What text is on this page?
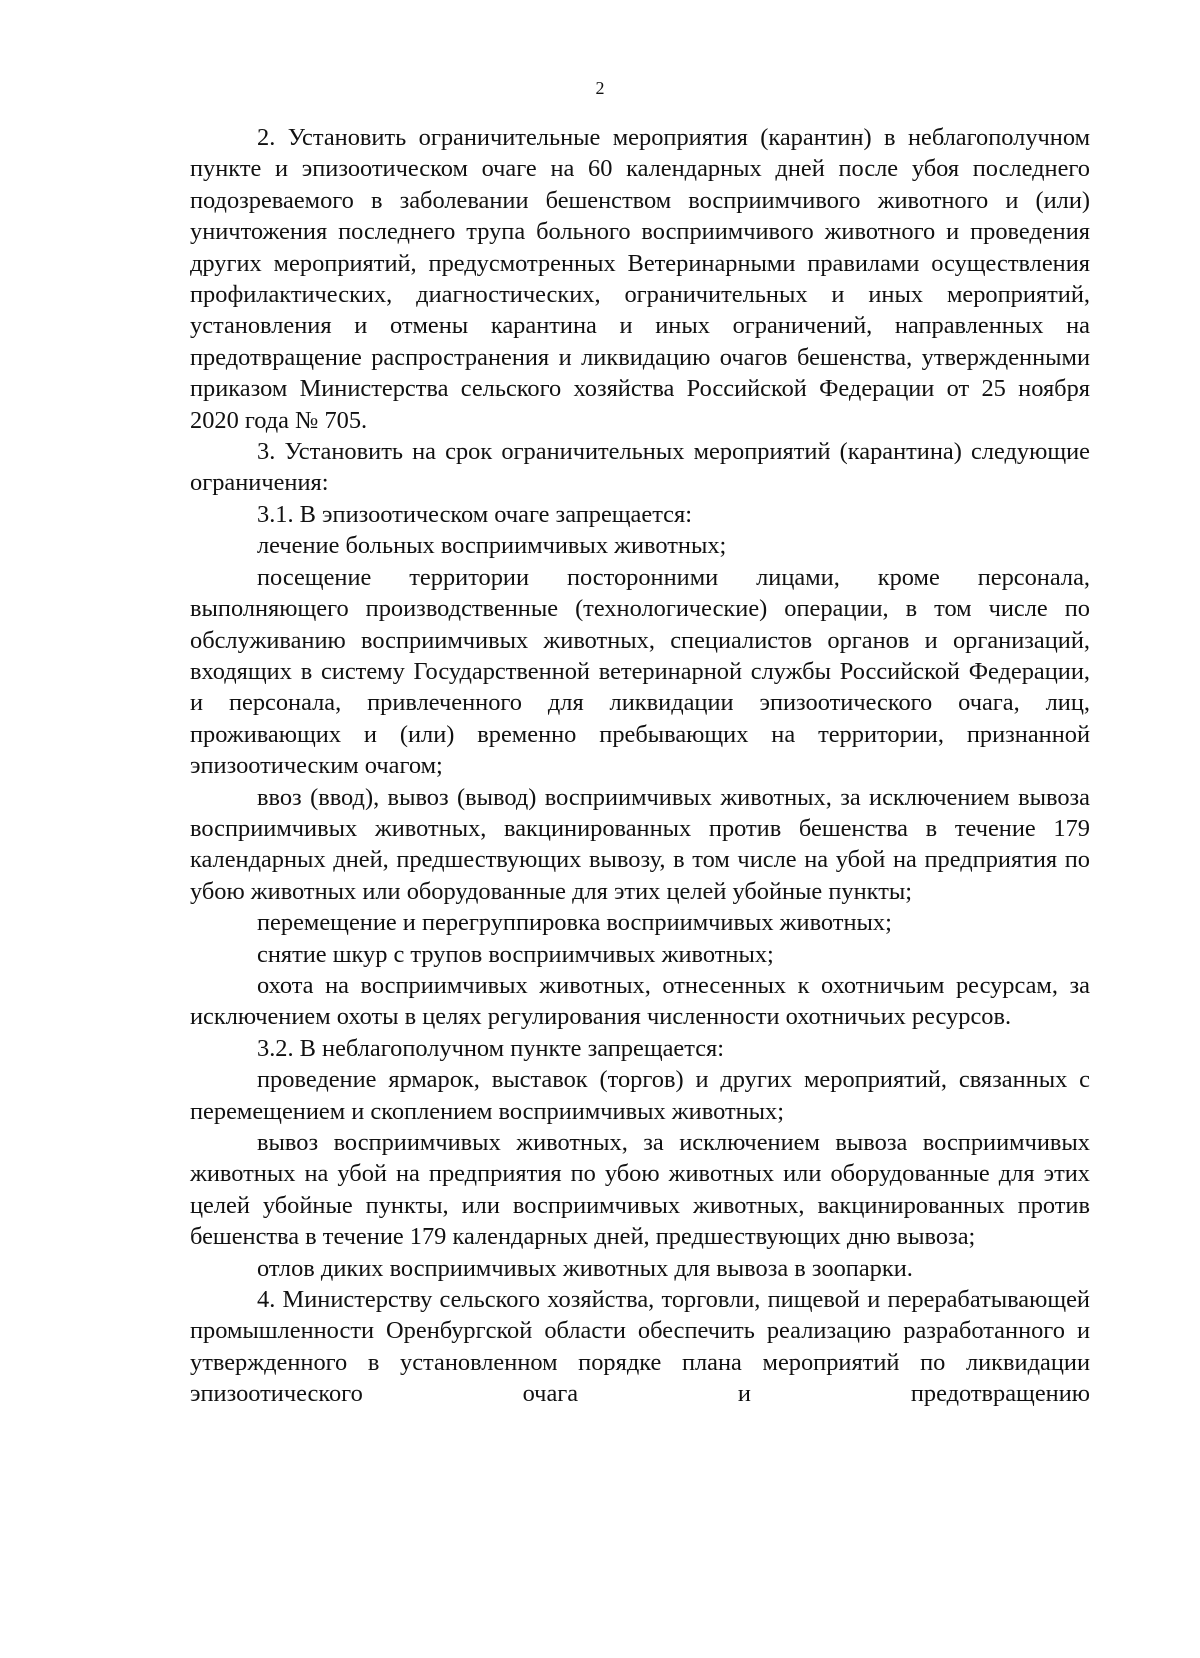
2

2. Установить ограничительные мероприятия (карантин) в неблагополучном пункте и эпизоотическом очаге на 60 календарных дней после убоя последнего подозреваемого в заболевании бешенством восприимчивого животного и (или) уничтожения последнего трупа больного восприимчивого животного и проведения других мероприятий, предусмотренных Ветеринарными правилами осуществления профилактических, диагностических, ограничительных и иных мероприятий, установления и отмены карантина и иных ограничений, направленных на предотвращение распространения и ликвидацию очагов бешенства, утвержденными приказом Министерства сельского хозяйства Российской Федерации от 25 ноября 2020 года № 705.

3. Установить на срок ограничительных мероприятий (карантина) следующие ограничения:

3.1. В эпизоотическом очаге запрещается:

лечение больных восприимчивых животных;

посещение территории посторонними лицами, кроме персонала, выполняющего производственные (технологические) операции, в том числе по обслуживанию восприимчивых животных, специалистов органов и организаций, входящих в систему Государственной ветеринарной службы Российской Федерации, и персонала, привлеченного для ликвидации эпизоотического очага, лиц, проживающих и (или) временно пребывающих на территории, признанной эпизоотическим очагом;

ввоз (ввод), вывоз (вывод) восприимчивых животных, за исключением вывоза восприимчивых животных, вакцинированных против бешенства в течение 179 календарных дней, предшествующих вывозу, в том числе на убой на предприятия по убою животных или оборудованные для этих целей убойные пункты;

перемещение и перегруппировка восприимчивых животных;

снятие шкур с трупов восприимчивых животных;

охота на восприимчивых животных, отнесенных к охотничьим ресурсам, за исключением охоты в целях регулирования численности охотничьих ресурсов.

3.2. В неблагополучном пункте запрещается:

проведение ярмарок, выставок (торгов) и других мероприятий, связанных с перемещением и скоплением восприимчивых животных;

вывоз восприимчивых животных, за исключением вывоза восприимчивых животных на убой на предприятия по убою животных или оборудованные для этих целей убойные пункты, или восприимчивых животных, вакцинированных против бешенства в течение 179 календарных дней, предшествующих дню вывоза;

отлов диких восприимчивых животных для вывоза в зоопарки.

4. Министерству сельского хозяйства, торговли, пищевой и перерабатывающей промышленности Оренбургской области обеспечить реализацию разработанного и утвержденного в установленном порядке плана мероприятий по ликвидации эпизоотического очага и предотвращению
